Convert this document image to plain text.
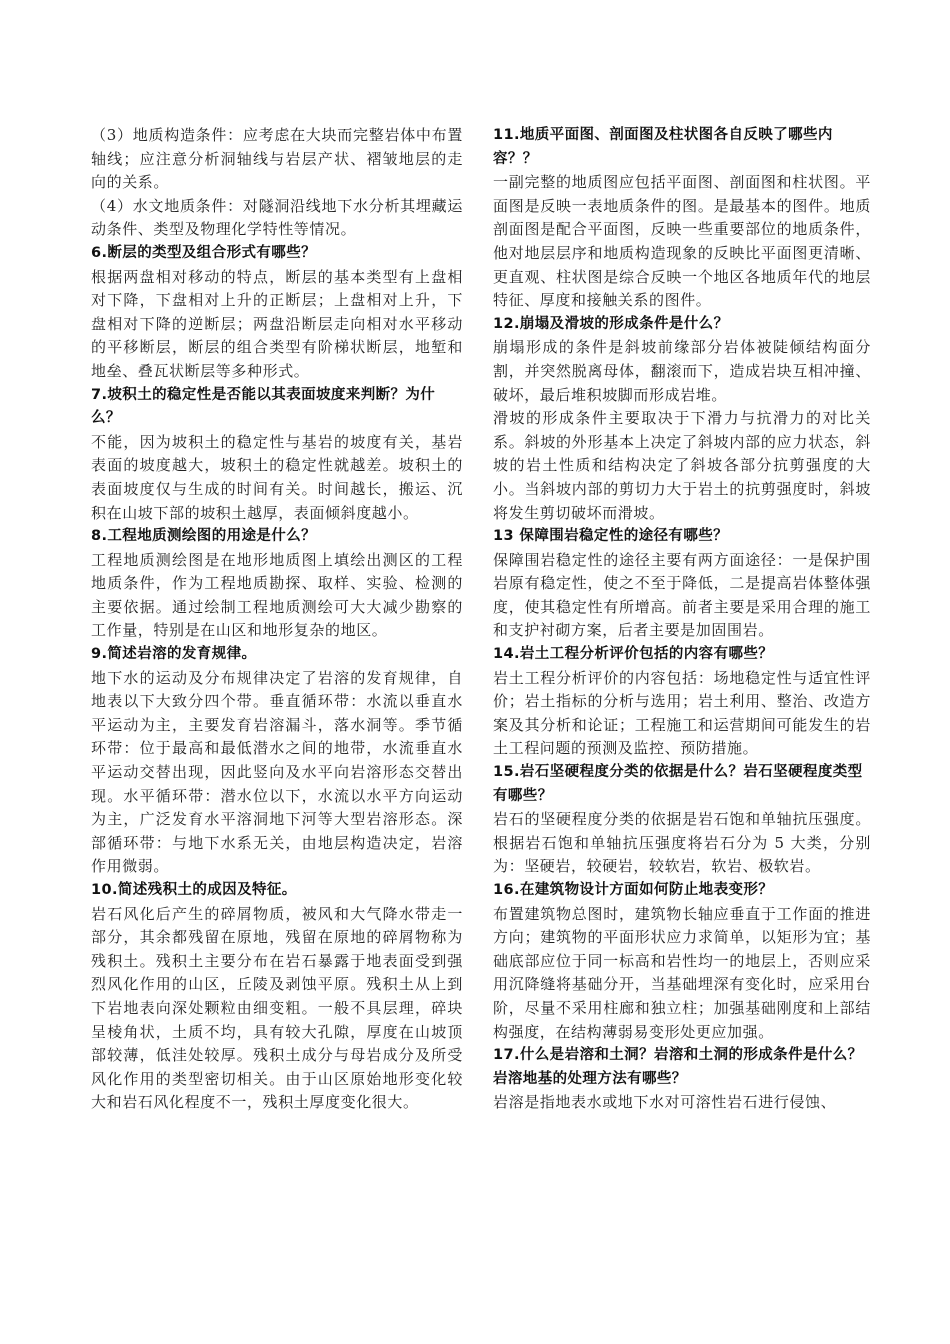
（3）地质构造条件：应考虑在大块而完整岩体中布置轴线；应注意分析洞轴线与岩层产状、褶皱地层的走向的关系。

（4）水文地质条件：对隧洞沿线地下水分析其埋藏运动条件、类型及物理化学特性等情况。

6.断层的类型及组合形式有哪些？

根据两盘相对移动的特点，断层的基本类型有上盘相对下降，下盘相对上升的正断层；上盘相对上升，下盘相对下降的逆断层；两盘沿断层走向相对水平移动的平移断层，断层的组合类型有阶梯状断层，地堑和地垒、叠瓦状断层等多种形式。

7.坡积土的稳定性是否能以其表面坡度来判断？为什么？

不能，因为坡积土的稳定性与基岩的坡度有关，基岩表面的坡度越大，坡积土的稳定性就越差。坡积土的表面坡度仅与生成的时间有关。时间越长，搬运、沉积在山坡下部的坡积土越厚，表面倾斜度越小。

8.工程地质测绘图的用途是什么？

工程地质测绘图是在地形地质图上填绘出测区的工程地质条件，作为工程地质勘探、取样、实验、检测的主要依据。通过绘制工程地质测绘可大大减少勘察的工作量，特别是在山区和地形复杂的地区。

9.简述岩溶的发育规律。

地下水的运动及分布规律决定了岩溶的发育规律，自地表以下大致分四个带。垂直循环带：水流以垂直水平运动为主，主要发育岩溶漏斗，落水洞等。季节循环带：位于最高和最低潜水之间的地带，水流垂直水平运动交替出现，因此竖向及水平向岩溶形态交替出现。水平循环带：潜水位以下，水流以水平方向运动为主，广泛发育水平溶洞地下河等大型岩溶形态。深部循环带：与地下水系无关，由地层构造决定，岩溶作用微弱。

10.简述残积土的成因及特征。

岩石风化后产生的碎屑物质，被风和大气降水带走一部分，其余都残留在原地，残留在原地的碎屑物称为残积土。残积土主要分布在岩石暴露于地表面受到强烈风化作用的山区，丘陵及剥蚀平原。残积土从上到下岩地表向深处颗粒由细变粗。一般不具层理，碎块呈棱角状，土质不均，具有较大孔隙，厚度在山坡顶部较薄，低洼处较厚。残积土成分与母岩成分及所受风化作用的类型密切相关。由于山区原始地形变化较大和岩石风化程度不一，残积土厚度变化很大。

11.地质平面图、剖面图及柱状图各自反映了哪些内容？？

一副完整的地质图应包括平面图、剖面图和柱状图。平面图是反映一表地质条件的图。是最基本的图件。地质剖面图是配合平面图，反映一些重要部位的地质条件，他对地层层序和地质构造现象的反映比平面图更清晰、更直观、柱状图是综合反映一个地区各地质年代的地层特征、厚度和接触关系的图件。

12.崩塌及滑坡的形成条件是什么？

崩塌形成的条件是斜坡前缘部分岩体被陡倾结构面分割，并突然脱离母体，翻滚而下，造成岩块互相冲撞、破坏，最后堆积坡脚而形成岩堆。

滑坡的形成条件主要取决于下滑力与抗滑力的对比关系。斜坡的外形基本上决定了斜坡内部的应力状态，斜坡的岩土性质和结构决定了斜坡各部分抗剪强度的大小。当斜坡内部的剪切力大于岩土的抗剪强度时，斜坡将发生剪切破坏而滑坡。

13 保障围岩稳定性的途径有哪些？

保障围岩稳定性的途径主要有两方面途径：一是保护围岩原有稳定性，使之不至于降低，二是提高岩体整体强度，使其稳定性有所增高。前者主要是采用合理的施工和支护衬砌方案，后者主要是加固围岩。

14.岩土工程分析评价包括的内容有哪些？

岩土工程分析评价的内容包括：场地稳定性与适宜性评价；岩土指标的分析与选用；岩土利用、整治、改造方案及其分析和论证；工程施工和运营期间可能发生的岩土工程问题的预测及监控、预防措施。

15.岩石坚硬程度分类的依据是什么？岩石坚硬程度类型有哪些？

岩石的坚硬程度分类的依据是岩石饱和单轴抗压强度。根据岩石饱和单轴抗压强度将岩石分为 5 大类，分别为：坚硬岩，较硬岩，较软岩，软岩、极软岩。

16.在建筑物设计方面如何防止地表变形？

布置建筑物总图时，建筑物长轴应垂直于工作面的推进方向；建筑物的平面形状应力求简单，以矩形为宜；基础底部应位于同一标高和岩性均一的地层上，否则应采用沉降缝将基础分开，当基础埋深有变化时，应采用台阶，尽量不采用柱廊和独立柱；加强基础刚度和上部结构强度，在结构薄弱易变形处更应加强。

17.什么是岩溶和土洞？岩溶和土洞的形成条件是什么？岩溶地基的处理方法有哪些？

岩溶是指地表水或地下水对可溶性岩石进行侵蚀、
